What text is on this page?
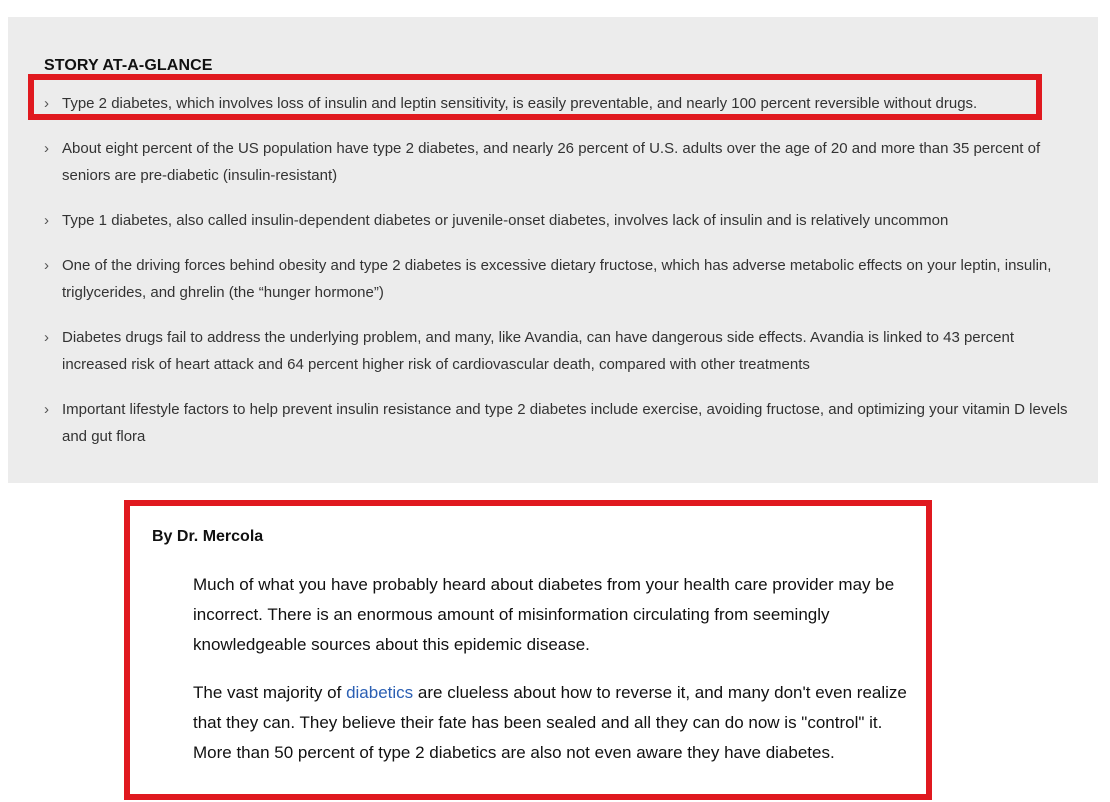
STORY AT-A-GLANCE
› Type 2 diabetes, which involves loss of insulin and leptin sensitivity, is easily preventable, and nearly 100 percent reversible without drugs.
› About eight percent of the US population have type 2 diabetes, and nearly 26 percent of U.S. adults over the age of 20 and more than 35 percent of seniors are pre-diabetic (insulin-resistant)
› Type 1 diabetes, also called insulin-dependent diabetes or juvenile-onset diabetes, involves lack of insulin and is relatively uncommon
› One of the driving forces behind obesity and type 2 diabetes is excessive dietary fructose, which has adverse metabolic effects on your leptin, insulin, triglycerides, and ghrelin (the “hunger hormone”)
› Diabetes drugs fail to address the underlying problem, and many, like Avandia, can have dangerous side effects. Avandia is linked to 43 percent increased risk of heart attack and 64 percent higher risk of cardiovascular death, compared with other treatments
› Important lifestyle factors to help prevent insulin resistance and type 2 diabetes include exercise, avoiding fructose, and optimizing your vitamin D levels and gut flora

By Dr. Mercola

Much of what you have probably heard about diabetes from your health care provider may be incorrect. There is an enormous amount of misinformation circulating from seemingly knowledgeable sources about this epidemic disease.

The vast majority of diabetics are clueless about how to reverse it, and many don't even realize that they can. They believe their fate has been sealed and all they can do now is "control" it. More than 50 percent of type 2 diabetics are also not even aware they have diabetes.
